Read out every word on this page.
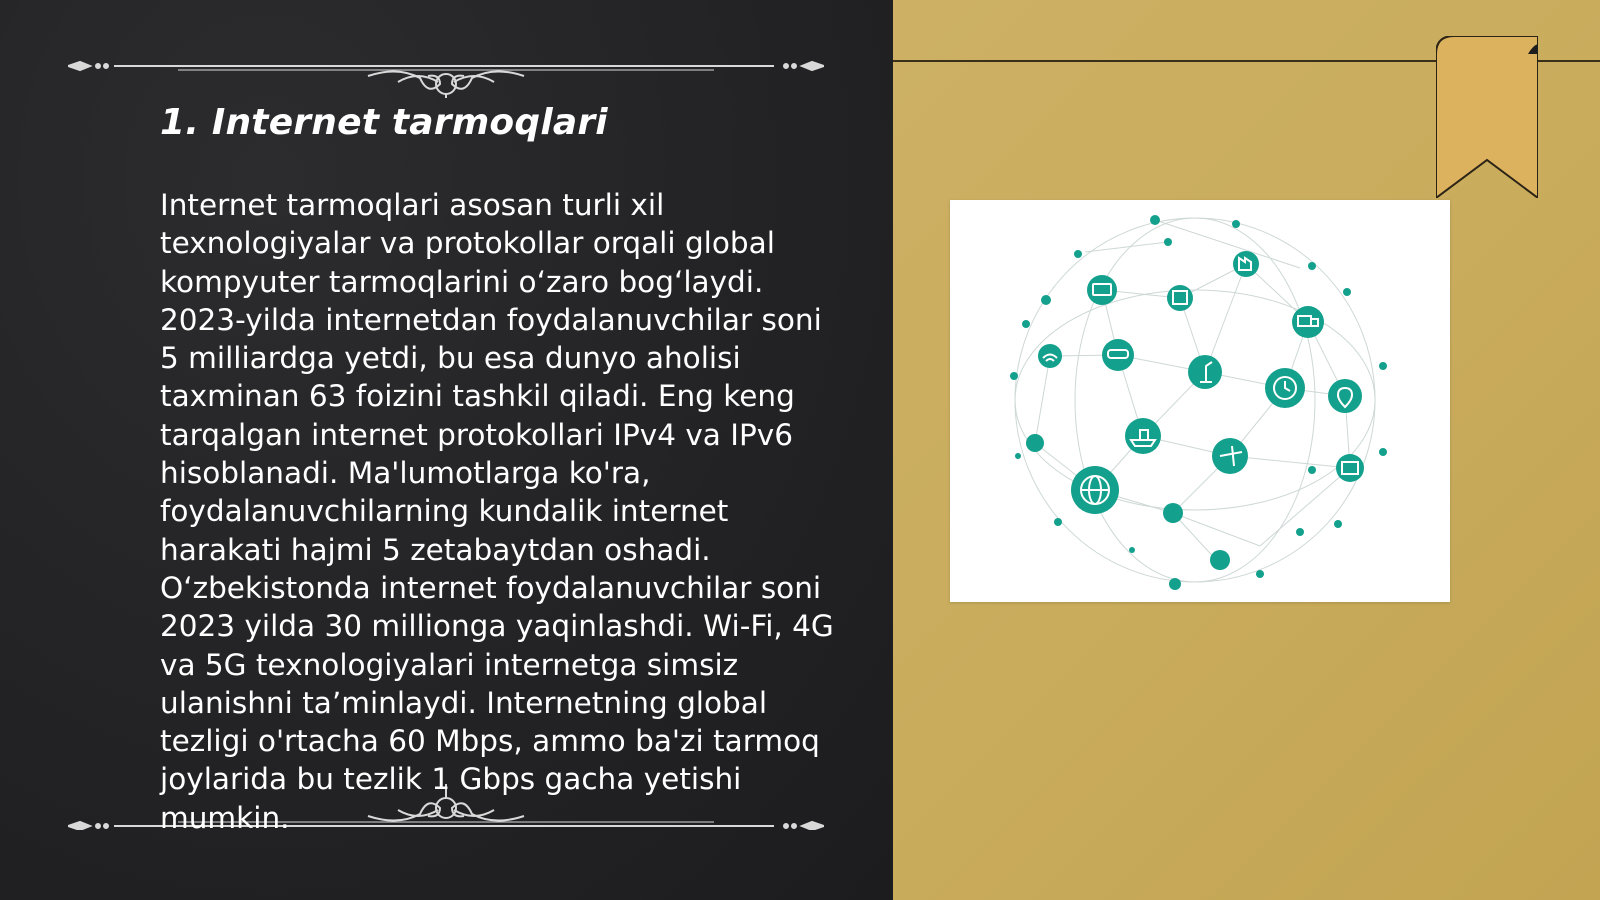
1. Internet tarmoqlari

Internet tarmoqlari asosan turli xil texnologiyalar va protokollar orqali global kompyuter tarmoqlarini o‘zaro bog‘laydi. 2023-yilda internetdan foydalanuvchilar soni 5 milliardga yetdi, bu esa dunyo aholisi taxminan 63 foizini tashkil qiladi. Eng keng tarqalgan internet protokollari IPv4 va IPv6 hisoblanadi. Ma'lumotlarga ko'ra, foydalanuvchilarning kundalik internet harakati hajmi 5 zetabaytdan oshadi. O‘zbekistonda internet foydalanuvchilar soni 2023 yilda 30 millionga yaqinlashdi. Wi-Fi, 4G va 5G texnologiyalari internetga simsiz ulanishni ta’minlaydi. Internetning global tezligi o'rtacha 60 Mbps, ammo ba'zi tarmoq joylarida bu tezlik 1 Gbps gacha yetishi mumkin.
